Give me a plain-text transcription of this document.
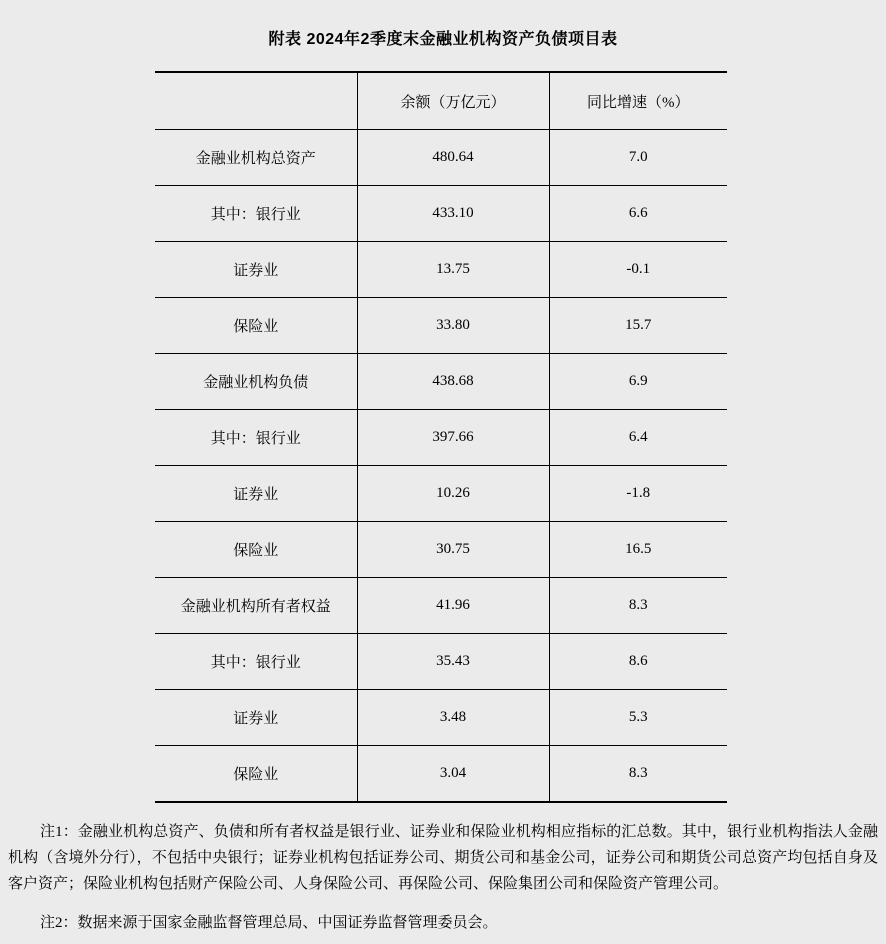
附表 2024年2季度末金融业机构资产负债项目表
	余额（万亿元）	同比增速（%）
金融业机构总资产	480.64	7.0
其中：银行业	433.10	6.6
证券业	13.75	-0.1
保险业	33.80	15.7
金融业机构负债	438.68	6.9
其中：银行业	397.66	6.4
证券业	10.26	-1.8
保险业	30.75	16.5
金融业机构所有者权益	41.96	8.3
其中：银行业	35.43	8.6
证券业	3.48	5.3
保险业	3.04	8.3

注1：金融业机构总资产、负债和所有者权益是银行业、证券业和保险业机构相应指标的汇总数。其中，银行业机构指法人金融机构（含境外分行），不包括中央银行；证券业机构包括证券公司、期货公司和基金公司，证券公司和期货公司总资产均包括自身及客户资产；保险业机构包括财产保险公司、人身保险公司、再保险公司、保险集团公司和保险资产管理公司。

注2：数据来源于国家金融监督管理总局、中国证券监督管理委员会。
